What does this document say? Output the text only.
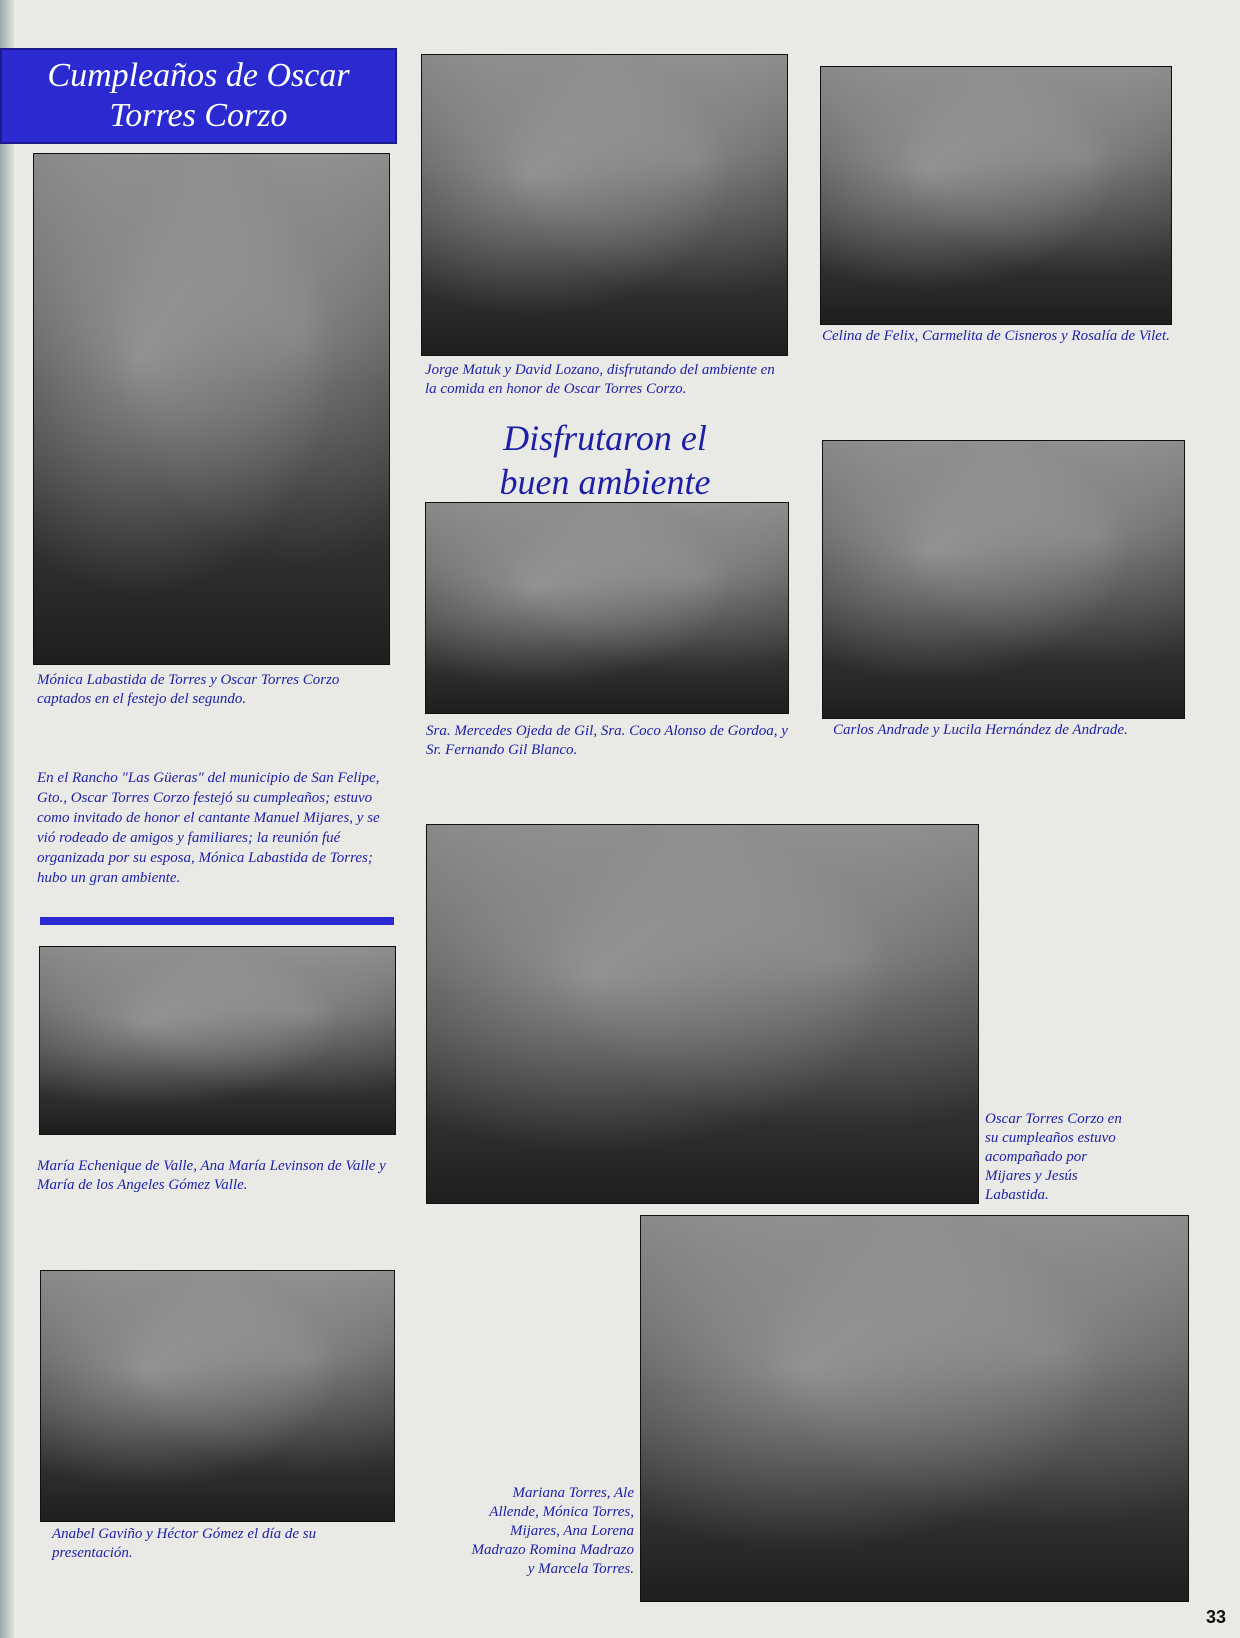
Cumpleaños de Oscar
Torres Corzo
Mónica Labastida de Torres y Oscar Torres Corzo captados en el festejo del segundo.
En el Rancho "Las Güeras" del municipio de San Felipe, Gto., Oscar Torres Corzo festejó su cumpleaños; estuvo como invitado de honor el cantante Manuel Mijares, y se vió rodeado de amigos y familiares; la reunión fué organizada por su esposa, Mónica Labastida de Torres; hubo un gran ambiente.
María Echenique de Valle, Ana María Levinson de Valle y María de los Angeles Gómez Valle.
Anabel Gaviño y Héctor Gómez el día de su presentación.
Jorge Matuk y David Lozano, disfrutando del ambiente en la comida en honor de Oscar Torres Corzo.
Disfrutaron el
buen ambiente
Sra. Mercedes Ojeda de Gil, Sra. Coco Alonso de Gordoa, y Sr. Fernando Gil Blanco.
Celina de Felix, Carmelita de Cisneros y Rosalía de Vilet.
Carlos Andrade y Lucila Hernández de Andrade.
Oscar Torres Corzo en su cumpleaños estuvo acompañado por Mijares y Jesús Labastida.
Mariana Torres, Ale Allende, Mónica Torres, Mijares, Ana Lorena Madrazo Romina Madrazo y Marcela Torres.
33
